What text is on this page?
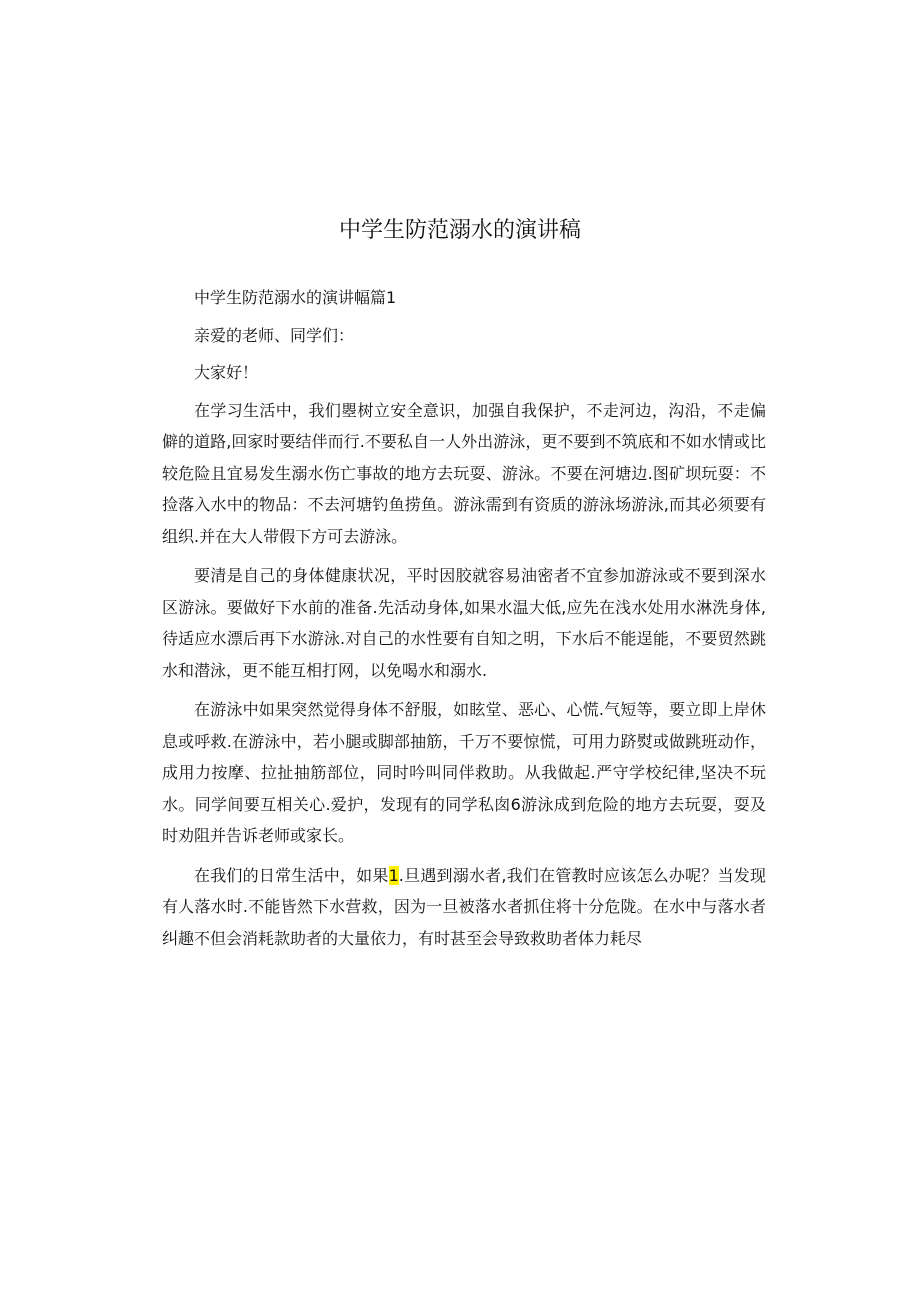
中学生防范溺水的演讲稿

中学生防范溺水的演讲幅篇1

亲爱的老师、同学们：

大家好！

在学习生活中，我们瞾树立安全意识，加强自我保护，不走河边，沟沿，不走偏僻的道路,回家时要结伴而行.不要私自一人外出游泳，更不要到不筑底和不如水情或比较危险且宜易发生溺水伤亡事故的地方去玩耍、游泳。不要在河塘边.图矿坝玩耍：不捡落入水中的物品：不去河塘钓鱼捞鱼。游泳需到有资质的游泳场游泳,而其必须要有组织.并在大人带假下方可去游泳。

要清是自己的身体健康状况，平时因胶就容易油密者不宜参加游泳或不要到深水区游泳。要做好下水前的准备.先活动身体,如果水温大低,应先在浅水处用水淋洗身体,待适应水漂后再下水游泳.对自己的水性要有自知之明，下水后不能逞能，不要贸然跳水和潜泳，更不能互相打网，以免喝水和溺水.

在游泳中如果突然觉得身体不舒服，如眩堂、恶心、心慌.气短等，要立即上岸休息或呼救.在游泳中，若小腿或脚部抽筋，千万不要惊慌，可用力跻熨或做跳班动作，成用力按摩、拉扯抽筋部位，同时吟叫同伴救助。从我做起.严守学校纪律,坚决不玩水。同学间要互相关心.爱护，发现有的同学私囱6游泳成到危险的地方去玩耍，耍及时劝阻并告诉老师或家长。

在我们的日常生活中，如果1.旦遇到溺水者,我们在管教时应该怎么办呢？当发现有人落水时.不能皆然下水营救，因为一旦被落水者抓住将十分危陇。在水中与落水者纠趣不但会消耗款助者的大量依力，有时甚至会导致救助者体力耗尽
